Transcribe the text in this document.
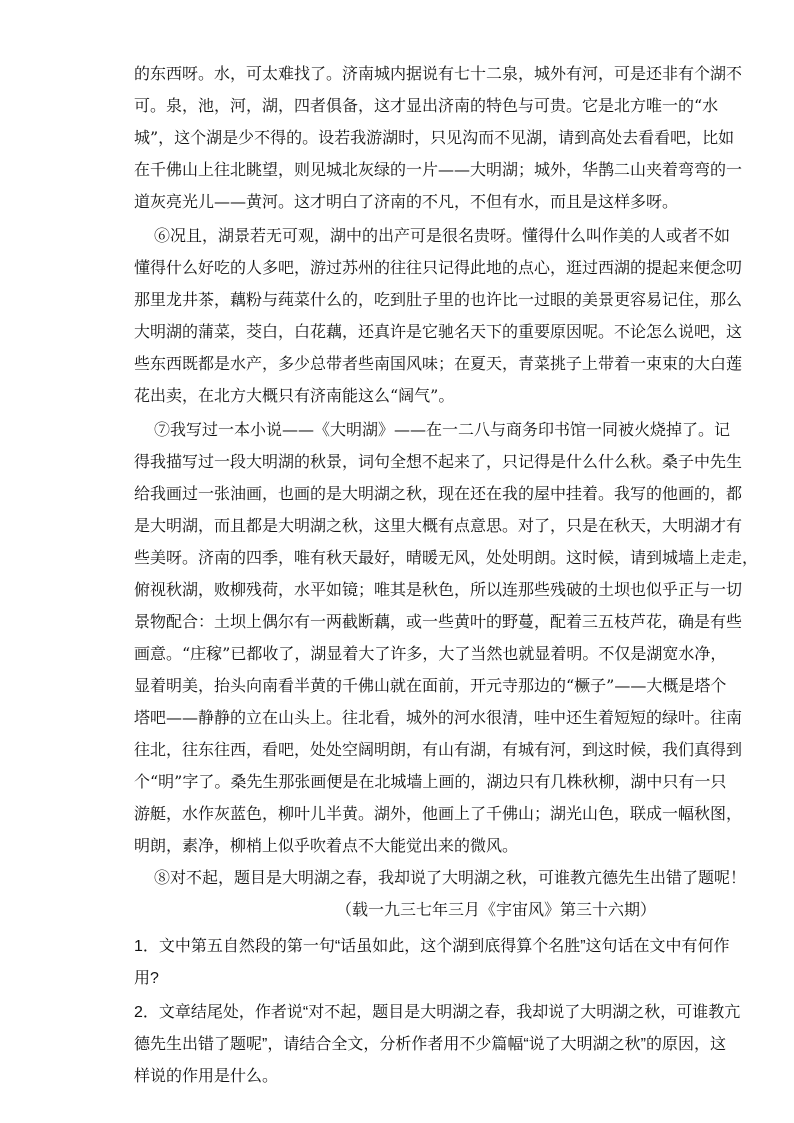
的东西呀。水，可太难找了。济南城内据说有七十二泉，城外有河，可是还非有个湖不
可。泉，池，河，湖，四者俱备，这才显出济南的特色与可贵。它是北方唯一的“水
城”，这个湖是少不得的。设若我游湖时，只见沟而不见湖，请到高处去看看吧，比如
在千佛山上往北眺望，则见城北灰绿的一片——大明湖；城外，华鹊二山夹着弯弯的一
道灰亮光儿——黄河。这才明白了济南的不凡，不但有水，而且是这样多呀。
⑥况且，湖景若无可观，湖中的出产可是很名贵呀。懂得什么叫作美的人或者不如
懂得什么好吃的人多吧，游过苏州的往往只记得此地的点心，逛过西湖的提起来便念叨
那里龙井茶，藕粉与莼菜什么的，吃到肚子里的也许比一过眼的美景更容易记住，那么
大明湖的蒲菜，茭白，白花藕，还真许是它驰名天下的重要原因呢。不论怎么说吧，这
些东西既都是水产，多少总带者些南国风味；在夏天，青菜挑子上带着一束束的大白莲
花出卖，在北方大概只有济南能这么“阔气”。
⑦我写过一本小说——《大明湖》——在一二八与商务印书馆一同被火烧掉了。记
得我描写过一段大明湖的秋景，词句全想不起来了，只记得是什么什么秋。桑子中先生
给我画过一张油画，也画的是大明湖之秋，现在还在我的屋中挂着。我写的他画的，都
是大明湖，而且都是大明湖之秋，这里大概有点意思。对了，只是在秋天，大明湖才有
些美呀。济南的四季，唯有秋天最好，晴暖无风，处处明朗。这时候，请到城墙上走走，
俯视秋湖，败柳残荷，水平如镜；唯其是秋色，所以连那些残破的土坝也似乎正与一切
景物配合：土坝上偶尔有一两截断藕，或一些黄叶的野蔓，配着三五枝芦花，确是有些
画意。“庄稼”已都收了，湖显着大了许多，大了当然也就显着明。不仅是湖宽水净，
显着明美，抬头向南看半黄的千佛山就在面前，开元寺那边的“橛子”——大概是塔个
塔吧——静静的立在山头上。往北看，城外的河水很清，哇中还生着短短的绿叶。往南
往北，往东往西，看吧，处处空阔明朗，有山有湖，有城有河，到这时候，我们真得到
个“明”字了。桑先生那张画便是在北城墙上画的，湖边只有几株秋柳，湖中只有一只
游艇，水作灰蓝色，柳叶儿半黄。湖外，他画上了千佛山；湖光山色，联成一幅秋图，
明朗，素净，柳梢上似乎吹着点不大能觉出来的微风。
⑧对不起，题目是大明湖之春，我却说了大明湖之秋，可谁教亢德先生出错了题呢！
（载一九三七年三月《宇宙风》第三十六期）
1．文中第五自然段的第一句“话虽如此，这个湖到底得算个名胜”这句话在文中有何作
用?
2．文章结尾处，作者说“对不起，题目是大明湖之春，我却说了大明湖之秋，可谁教亢
德先生出错了题呢”，请结合全文，分析作者用不少篇幅“说了大明湖之秋”的原因，这
样说的作用是什么。
